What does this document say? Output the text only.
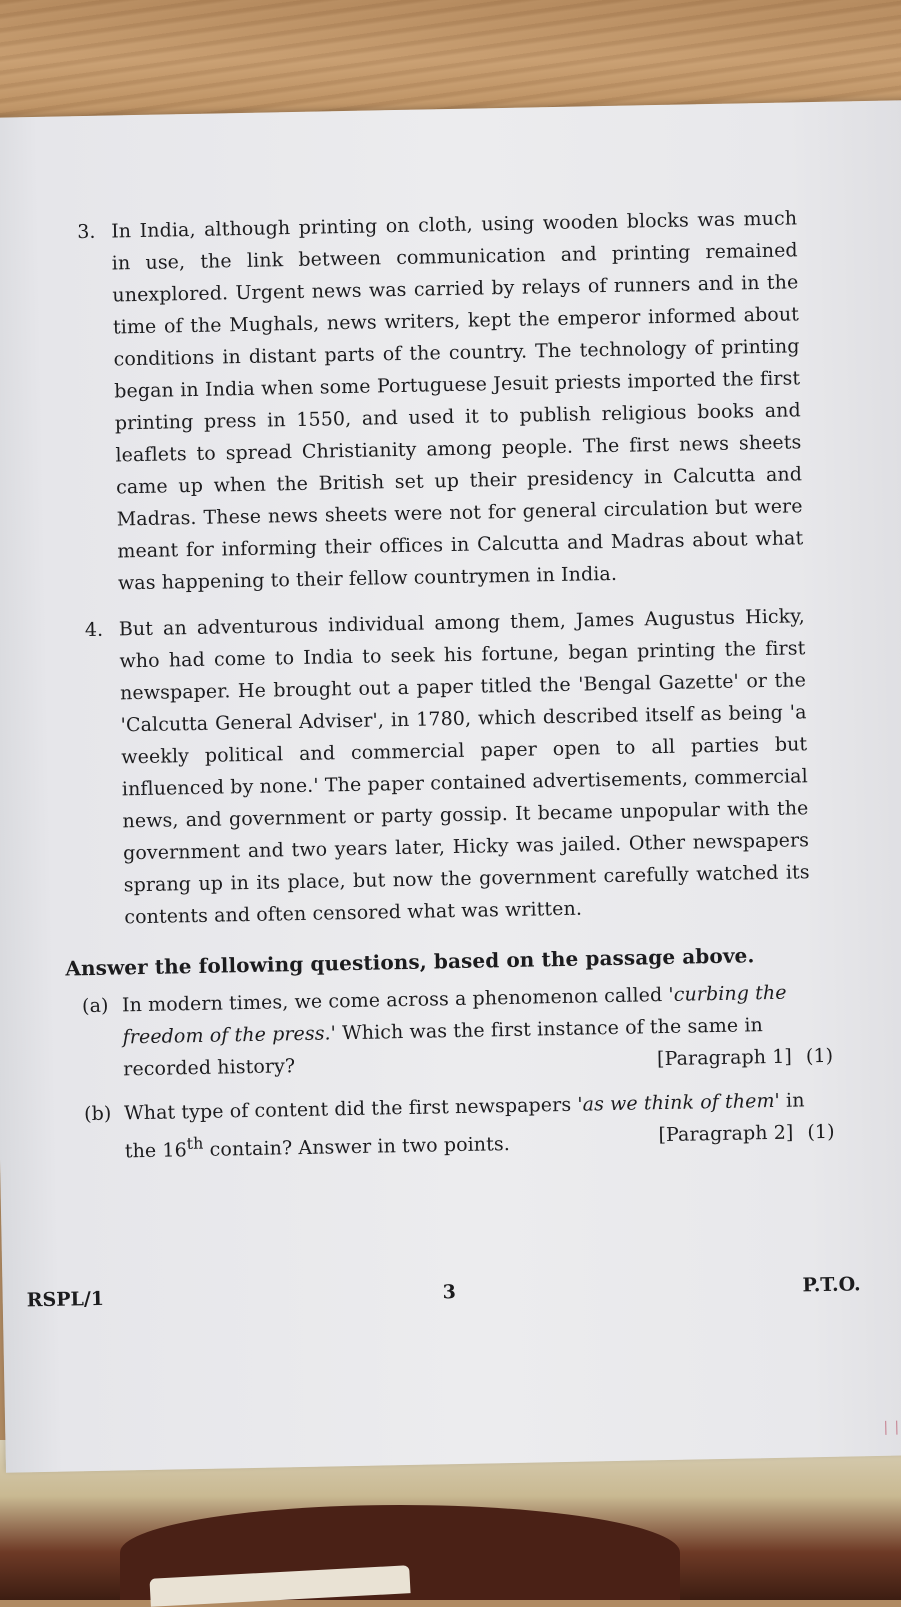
3. In India, although printing on cloth, using wooden blocks was much in use, the link between communication and printing remained unexplored. Urgent news was carried by relays of runners and in the time of the Mughals, news writers, kept the emperor informed about conditions in distant parts of the country. The technology of printing began in India when some Portuguese Jesuit priests imported the first printing press in 1550, and used it to publish religious books and leaflets to spread Christianity among people. The first news sheets came up when the British set up their presidency in Calcutta and Madras. These news sheets were not for general circulation but were meant for informing their offices in Calcutta and Madras about what was happening to their fellow countrymen in India.
4. But an adventurous individual among them, James Augustus Hicky, who had come to India to seek his fortune, began printing the first newspaper. He brought out a paper titled the 'Bengal Gazette' or the 'Calcutta General Adviser', in 1780, which described itself as being 'a weekly political and commercial paper open to all parties but influenced by none.' The paper contained advertisements, commercial news, and government or party gossip. It became unpopular with the government and two years later, Hicky was jailed. Other newspapers sprang up in its place, but now the government carefully watched its contents and often censored what was written.
Answer the following questions, based on the passage above.
(a) In modern times, we come across a phenomenon called 'curbing the freedom of the press.' Which was the first instance of the same in recorded history?	[Paragraph 1] (1)
(b) What type of content did the first newspapers 'as we think of them' in the 16th contain? Answer in two points.	[Paragraph 2] (1)
RSPL/1	3	P.T.O.
